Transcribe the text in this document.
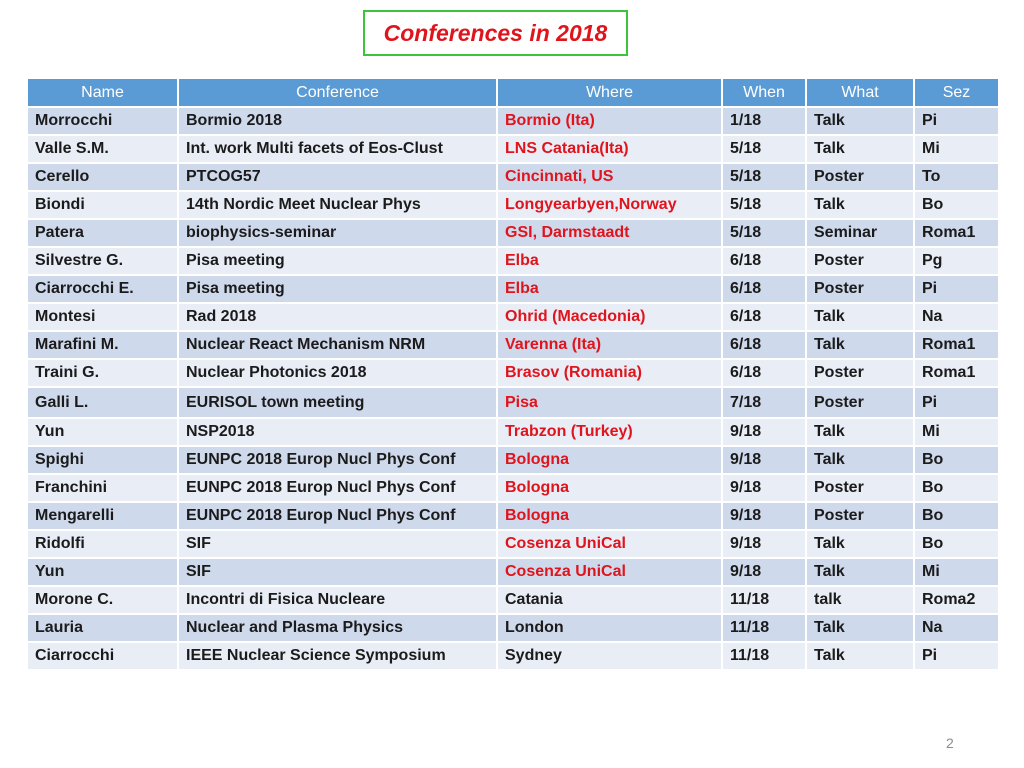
Conferences in 2018
Name	Conference	Where	When	What	Sez
Morrocchi	Bormio 2018	Bormio (Ita)	1/18	Talk	Pi
Valle S.M.	Int. work Multi facets of Eos-Clust	LNS Catania(Ita)	5/18	Talk	Mi
Cerello	PTCOG57	Cincinnati, US	5/18	Poster	To
Biondi	14th Nordic Meet Nuclear Phys	Longyearbyen,Norway	5/18	Talk	Bo
Patera	biophysics-seminar	GSI, Darmstaadt	5/18	Seminar	Roma1
Silvestre G.	Pisa meeting	Elba	6/18	Poster	Pg
Ciarrocchi E.	Pisa meeting	Elba	6/18	Poster	Pi
Montesi	Rad 2018	Ohrid (Macedonia)	6/18	Talk	Na
Marafini M.	Nuclear React Mechanism NRM	Varenna (Ita)	6/18	Talk	Roma1
Traini G.	Nuclear Photonics 2018	Brasov (Romania)	6/18	Poster	Roma1
Galli L.	EURISOL town meeting	Pisa	7/18	Poster	Pi
Yun	NSP2018	Trabzon (Turkey)	9/18	Talk	Mi
Spighi	EUNPC 2018 Europ Nucl Phys Conf	Bologna	9/18	Talk	Bo
Franchini	EUNPC 2018 Europ Nucl Phys Conf	Bologna	9/18	Poster	Bo
Mengarelli	EUNPC 2018 Europ Nucl Phys Conf	Bologna	9/18	Poster	Bo
Ridolfi	SIF	Cosenza UniCal	9/18	Talk	Bo
Yun	SIF	Cosenza UniCal	9/18	Talk	Mi
Morone C.	Incontri di Fisica Nucleare	Catania	11/18	talk	Roma2
Lauria	Nuclear and Plasma Physics	London	11/18	Talk	Na
Ciarrocchi	IEEE Nuclear Science Symposium	Sydney	11/18	Talk	Pi
2
